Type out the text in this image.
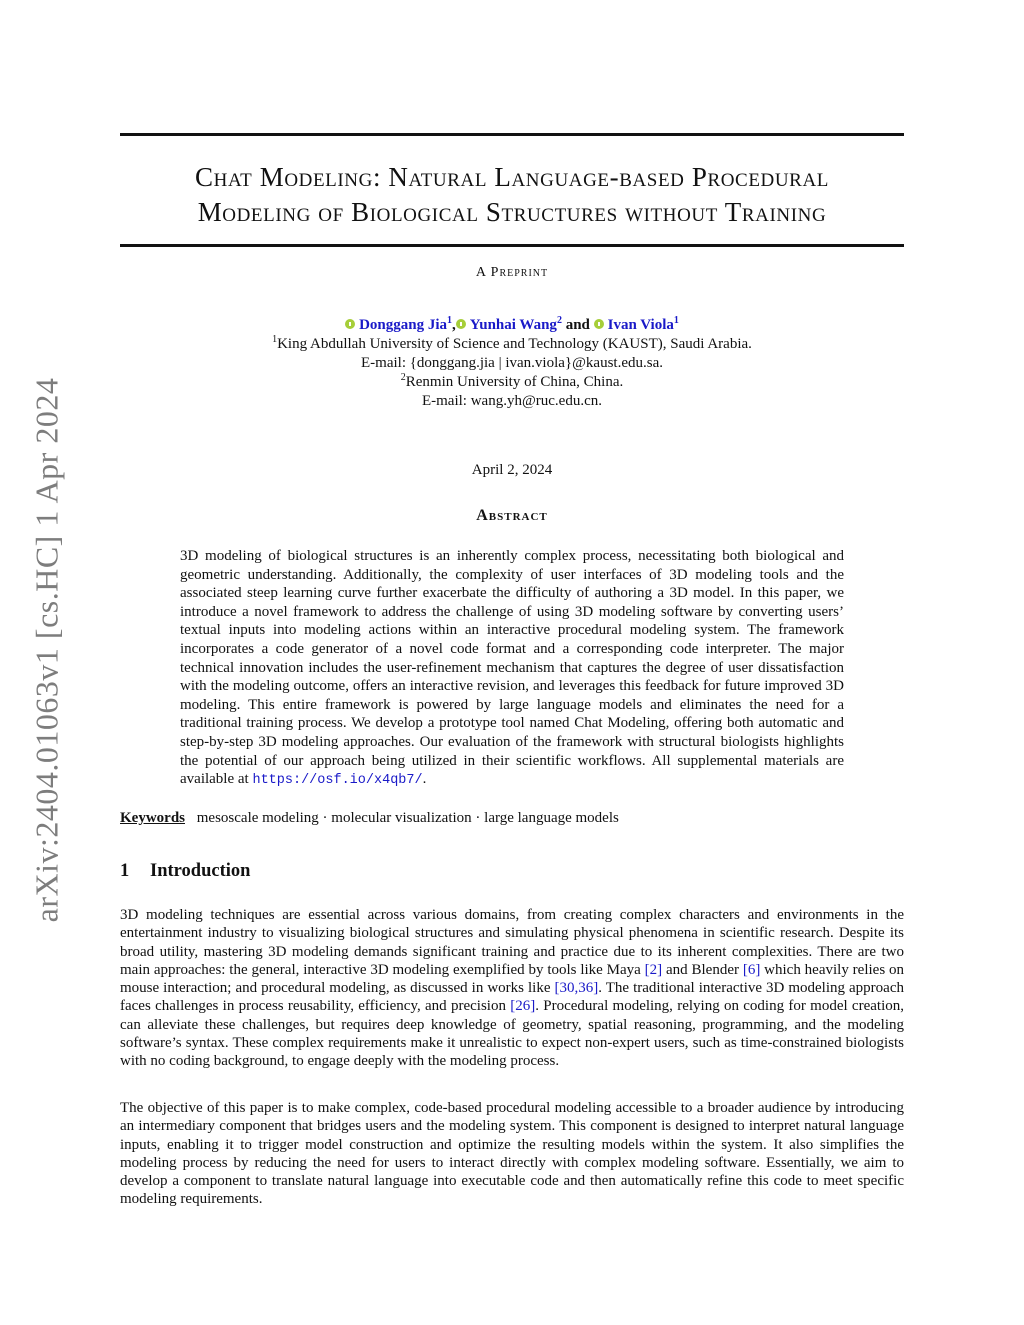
arXiv:2404.01063v1 [cs.HC] 1 Apr 2024
Chat Modeling: Natural Language-based Procedural
Modeling of Biological Structures without Training
A Preprint
Donggang Jia$^1$, Yunhai Wang$^2$ and Ivan Viola$^1$
$^1$King Abdullah University of Science and Technology (KAUST), Saudi Arabia.
E-mail: {donggang.jia | ivan.viola}@kaust.edu.sa.
$^2$Renmin University of China, China.
E-mail: wang.yh@ruc.edu.cn.
April 2, 2024
Abstract
3D modeling of biological structures is an inherently complex process, necessitating both biological and geometric understanding. Additionally, the complexity of user interfaces of 3D modeling tools and the associated steep learning curve further exacerbate the difficulty of authoring a 3D model. In this paper, we introduce a novel framework to address the challenge of using 3D modeling software by converting users’ textual inputs into modeling actions within an interactive procedural modeling system. The framework incorporates a code generator of a novel code format and a corresponding code interpreter. The major technical innovation includes the user-refinement mechanism that captures the degree of user dissatisfaction with the modeling outcome, offers an interactive revision, and leverages this feedback for future improved 3D modeling. This entire framework is powered by large language models and eliminates the need for a traditional training process. We develop a prototype tool named Chat Modeling, offering both automatic and step-by-step 3D modeling approaches. Our evaluation of the framework with structural biologists highlights the potential of our approach being utilized in their scientific workflows. All supplemental materials are available at https://osf.io/x4qb7/.
Keywords mesoscale modeling · molecular visualization · large language models
1 Introduction
3D modeling techniques are essential across various domains, from creating complex characters and environments in the entertainment industry to visualizing biological structures and simulating physical phenomena in scientific research. Despite its broad utility, mastering 3D modeling demands significant training and practice due to its inherent complexities. There are two main approaches: the general, interactive 3D modeling exemplified by tools like Maya [2] and Blender [6] which heavily relies on mouse interaction; and procedural modeling, as discussed in works like [30,36]. The traditional interactive 3D modeling approach faces challenges in process reusability, efficiency, and precision [26]. Procedural modeling, relying on coding for model creation, can alleviate these challenges, but requires deep knowledge of geometry, spatial reasoning, programming, and the modeling software’s syntax. These complex requirements make it unrealistic to expect non-expert users, such as time-constrained biologists with no coding background, to engage deeply with the modeling process.
The objective of this paper is to make complex, code-based procedural modeling accessible to a broader audience by introducing an intermediary component that bridges users and the modeling system. This component is designed to interpret natural language inputs, enabling it to trigger model construction and optimize the resulting models within the system. It also simplifies the modeling process by reducing the need for users to interact directly with complex modeling software. Essentially, we aim to develop a component to translate natural language into executable code and then automatically refine this code to meet specific modeling requirements.
